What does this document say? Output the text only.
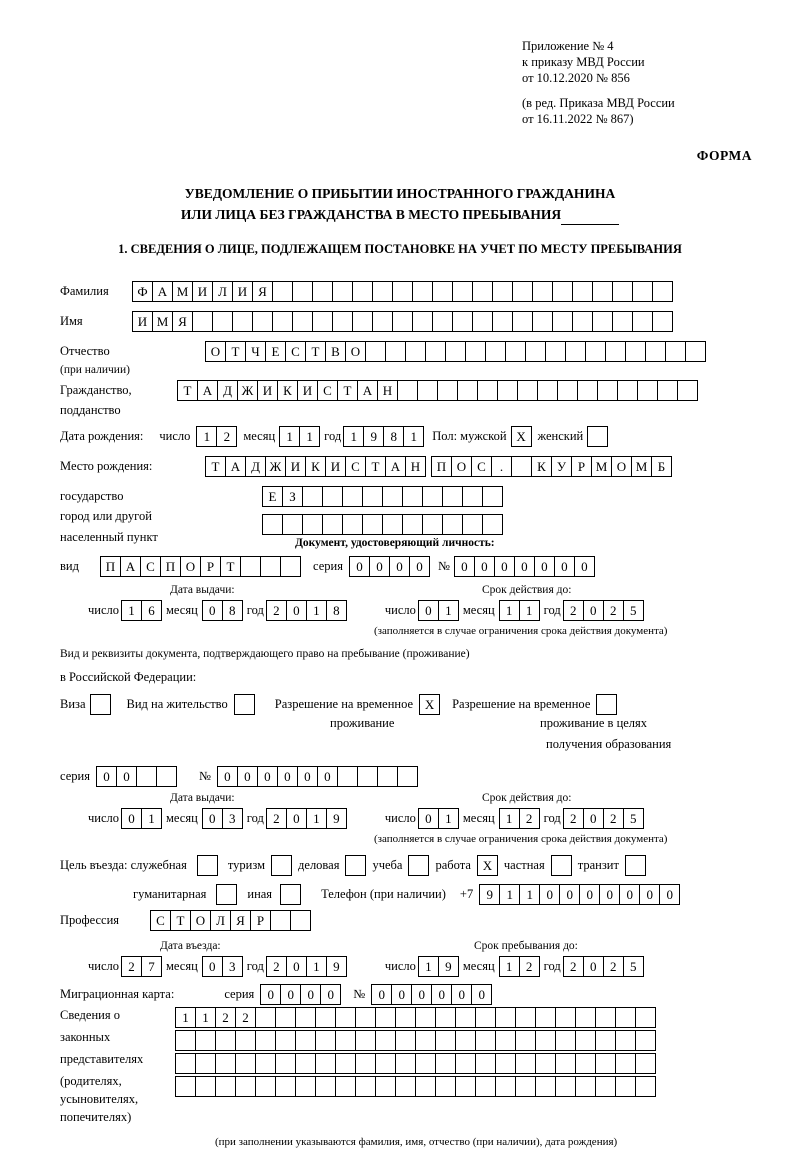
Приложение № 4
к приказу МВД России
от 10.12.2020 № 856
(в ред. Приказа МВД России
от 16.11.2022 № 867)
ФОРМА
УВЕДОМЛЕНИЕ О ПРИБЫТИИ ИНОСТРАННОГО ГРАЖДАНИНА
ИЛИ ЛИЦА БЕЗ ГРАЖДАНСТВА В МЕСТО ПРЕБЫВАНИЯ
1. СВЕДЕНИЯ О ЛИЦЕ, ПОДЛЕЖАЩЕМ ПОСТАНОВКЕ НА УЧЕТ ПО МЕСТУ ПРЕБЫВАНИЯ
Фамилия	Ф А М И Л И Я
Имя	И М Я
Отчество	О Т Ч Е С Т В О
(при наличии)
Гражданство,	Т А Д Ж И К И С Т А Н
подданство
Дата рождения: число	1	2	месяц 1	1 год 1	9	8	1	Пол: мужской Х женский
Место рождения:	Т А Д Ж И К И С Т А Н	П О С	.	К У Р М О М Б
государство	Е З
город или другой
населенный пункт	Документ, удостоверяющий личность:
вид	П А С П О Р Т	серия	0	0	0	0	№ 0	0	0	0	0	0	0
Дата выдачи:	Срок действия до:
число 1	6 месяц 0	8 год 2	0	1	8	число 0	1 месяц 1	1 год 2	0	2	5
(заполняется в случае ограничения срока действия документа)
Вид и реквизиты документа, подтверждающего право на пребывание (проживание)
в Российской Федерации:
Виза	Вид на жительство	Разрешение на временное Х	Разрешение на временное
проживание	проживание в целях
получения образования
серия	0	0	№	0	0	0	0	0	0
Дата выдачи:	Срок действия до:
число 0	1 месяц 0	3 год 2	0	1	9	число 0	1 месяц 1	2 год 2	0	2	5
(заполняется в случае ограничения срока действия документа)
Цель въезда: служебная	туризм	деловая	учеба	работа Х частная	транзит
гуманитарная	иная	Телефон (при наличии) +7	9	1	1	0	0	0	0	0	0	0
Профессия	С Т О Л Я Р
Дата въезда:	Срок пребывания до:
число 2	7 месяц 0	3 год 2	0	1	9	число 1	9 месяц 1	2 год 2	0	2	5
Миграционная карта:	серия	0	0	0	0	№	0	0	0	0	0	0
Сведения о
законных
представителях
(родителях,
усыновителях,
попечителях)
1	1	2	2
(при заполнении указываются фамилия, имя, отчество (при наличии), дата рождения)
